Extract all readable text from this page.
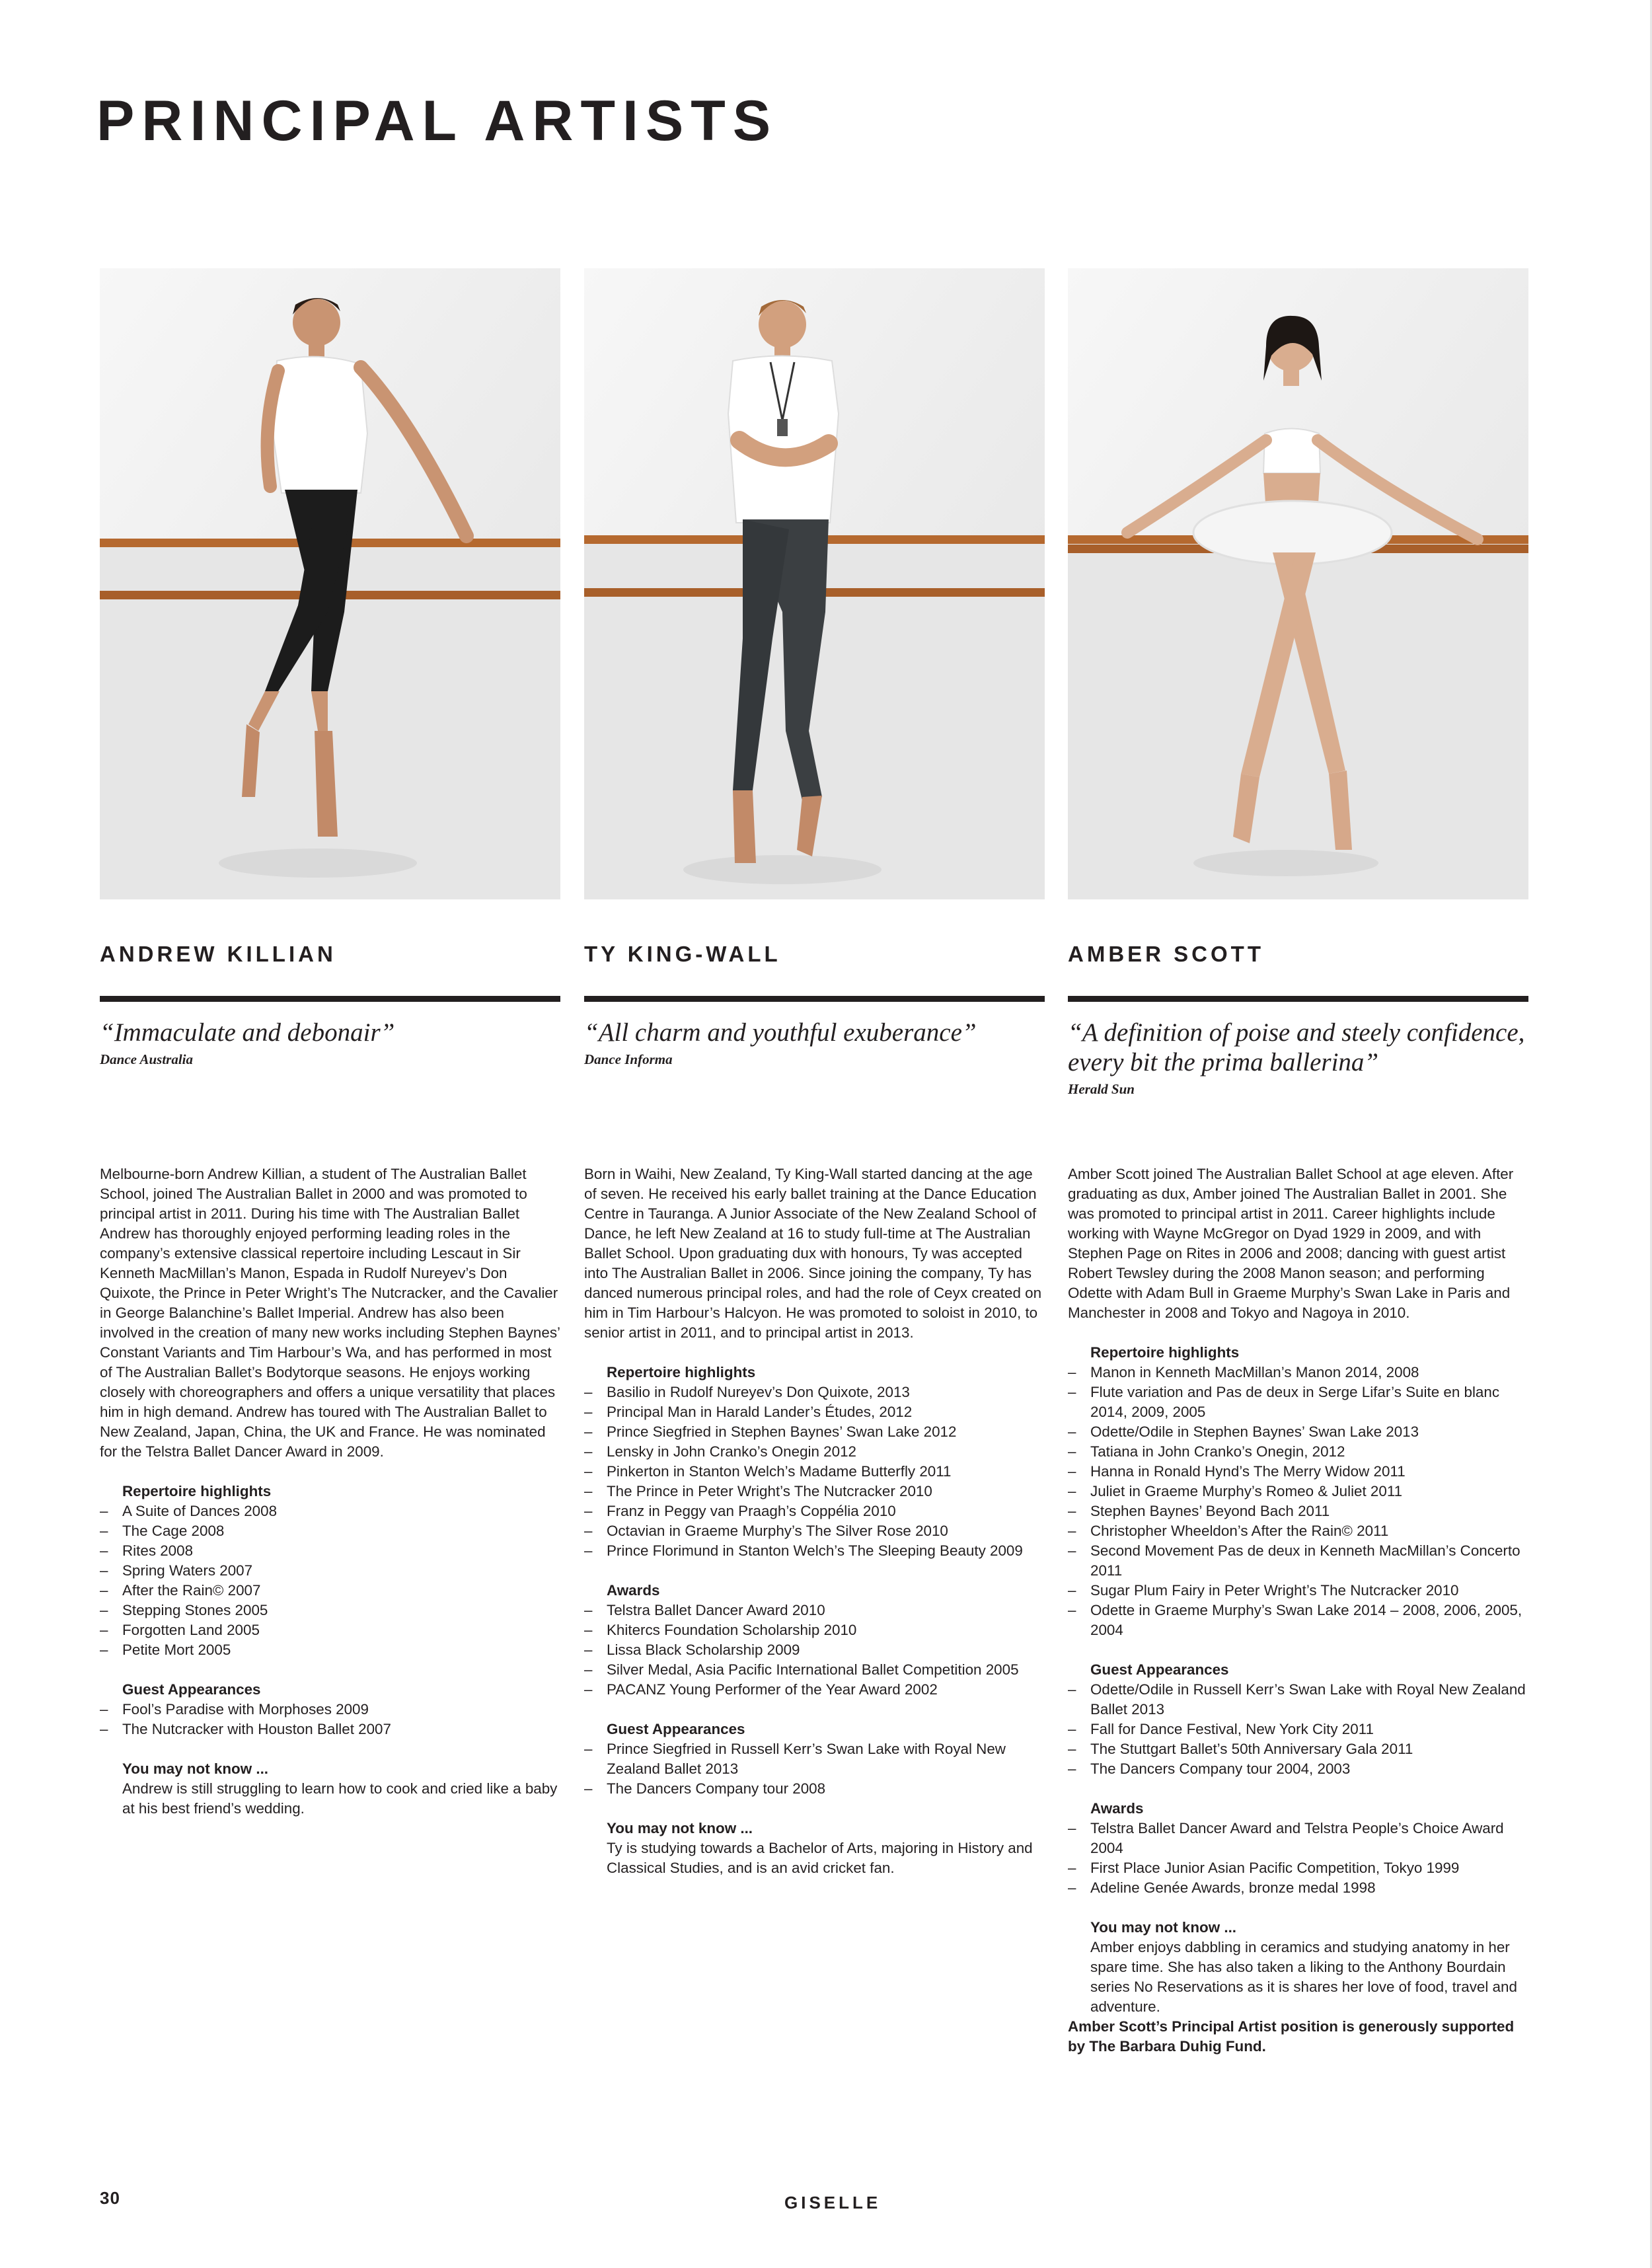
PRINCIPAL ARTISTS
ANDREW KILLIAN
“Immaculate and debonair”
Dance Australia

Melbourne-born Andrew Killian, a student of The Australian Ballet School, joined The Australian Ballet in 2000 and was promoted to principal artist in 2011. During his time with The Australian Ballet Andrew has thoroughly enjoyed performing leading roles in the company’s extensive classical repertoire including Lescaut in Sir Kenneth MacMillan’s Manon, Espada in Rudolf Nureyev’s Don Quixote, the Prince in Peter Wright’s The Nutcracker, and the Cavalier in George Balanchine’s Ballet Imperial. Andrew has also been involved in the creation of many new works including Stephen Baynes’ Constant Variants and Tim Harbour’s Wa, and has performed in most of The Australian Ballet’s Bodytorque seasons. He enjoys working closely with choreographers and offers a unique versatility that places him in high demand. Andrew has toured with The Australian Ballet to New Zealand, Japan, China, the UK and France. He was nominated for the Telstra Ballet Dancer Award in 2009.

Repertoire highlights

– A Suite of Dances 2008
– The Cage 2008
– Rites 2008
– Spring Waters 2007
– After the Rain© 2007
– Stepping Stones 2005
– Forgotten Land 2005
– Petite Mort 2005

Guest Appearances

– Fool’s Paradise with Morphoses 2009
– The Nutcracker with Houston Ballet 2007

You may not know ...

Andrew is still struggling to learn how to cook and cried like a baby at his best friend’s wedding.

TY KING-WALL
“All charm and youthful exuberance”
Dance Informa

Born in Waihi, New Zealand, Ty King-Wall started dancing at the age of seven. He received his early ballet training at the Dance Education Centre in Tauranga. A Junior Associate of the New Zealand School of Dance, he left New Zealand at 16 to study full-time at The Australian Ballet School. Upon graduating dux with honours, Ty was accepted into The Australian Ballet in 2006. Since joining the company, Ty has danced numerous principal roles, and had the role of Ceyx created on him in Tim Harbour’s Halcyon. He was promoted to soloist in 2010, to senior artist in 2011, and to principal artist in 2013.

Repertoire highlights

– Basilio in Rudolf Nureyev’s Don Quixote, 2013
– Principal Man in Harald Lander’s Études, 2012
– Prince Siegfried in Stephen Baynes’ Swan Lake 2012
– Lensky in John Cranko’s Onegin 2012
– Pinkerton in Stanton Welch’s Madame Butterfly 2011
– The Prince in Peter Wright’s The Nutcracker 2010
– Franz in Peggy van Praagh’s Coppélia 2010
– Octavian in Graeme Murphy’s The Silver Rose 2010
– Prince Florimund in Stanton Welch’s The Sleeping Beauty 2009

Awards

– Telstra Ballet Dancer Award 2010
– Khitercs Foundation Scholarship 2010
– Lissa Black Scholarship 2009
– Silver Medal, Asia Pacific International Ballet Competition 2005
– PACANZ Young Performer of the Year Award 2002

Guest Appearances

– Prince Siegfried in Russell Kerr’s Swan Lake with Royal New Zealand Ballet 2013
– The Dancers Company tour 2008

You may not know ...

Ty is studying towards a Bachelor of Arts, majoring in History and Classical Studies, and is an avid cricket fan.

AMBER SCOTT
“A definition of poise and steely confidence, every bit the prima ballerina”
Herald Sun

Amber Scott joined The Australian Ballet School at age eleven. After graduating as dux, Amber joined The Australian Ballet in 2001. She was promoted to principal artist in 2011. Career highlights include working with Wayne McGregor on Dyad 1929 in 2009, and with Stephen Page on Rites in 2006 and 2008; dancing with guest artist Robert Tewsley during the 2008 Manon season; and performing Odette with Adam Bull in Graeme Murphy’s Swan Lake in Paris and Manchester in 2008 and Tokyo and Nagoya in 2010.

Repertoire highlights

– Manon in Kenneth MacMillan’s Manon 2014, 2008
– Flute variation and Pas de deux in Serge Lifar’s Suite en blanc 2014, 2009, 2005
– Odette/Odile in Stephen Baynes’ Swan Lake 2013
– Tatiana in John Cranko’s Onegin, 2012
– Hanna in Ronald Hynd’s The Merry Widow 2011
– Juliet in Graeme Murphy’s Romeo & Juliet 2011
– Stephen Baynes’ Beyond Bach 2011
– Christopher Wheeldon’s After the Rain© 2011
– Second Movement Pas de deux in Kenneth MacMillan’s Concerto 2011
– Sugar Plum Fairy in Peter Wright’s The Nutcracker 2010
– Odette in Graeme Murphy’s Swan Lake 2014 – 2008, 2006, 2005, 2004

Guest Appearances

– Odette/Odile in Russell Kerr’s Swan Lake with Royal New Zealand Ballet 2013
– Fall for Dance Festival, New York City 2011
– The Stuttgart Ballet’s 50th Anniversary Gala 2011
– The Dancers Company tour 2004, 2003

Awards

– Telstra Ballet Dancer Award and Telstra People’s Choice Award 2004
– First Place Junior Asian Pacific Competition, Tokyo 1999
– Adeline Genée Awards, bronze medal 1998

You may not know ...

Amber enjoys dabbling in ceramics and studying anatomy in her spare time. She has also taken a liking to the Anthony Bourdain series No Reservations as it is shares her love of food, travel and adventure.

Amber Scott’s Principal Artist position is generously supported by The Barbara Duhig Fund.

30	GISELLE
